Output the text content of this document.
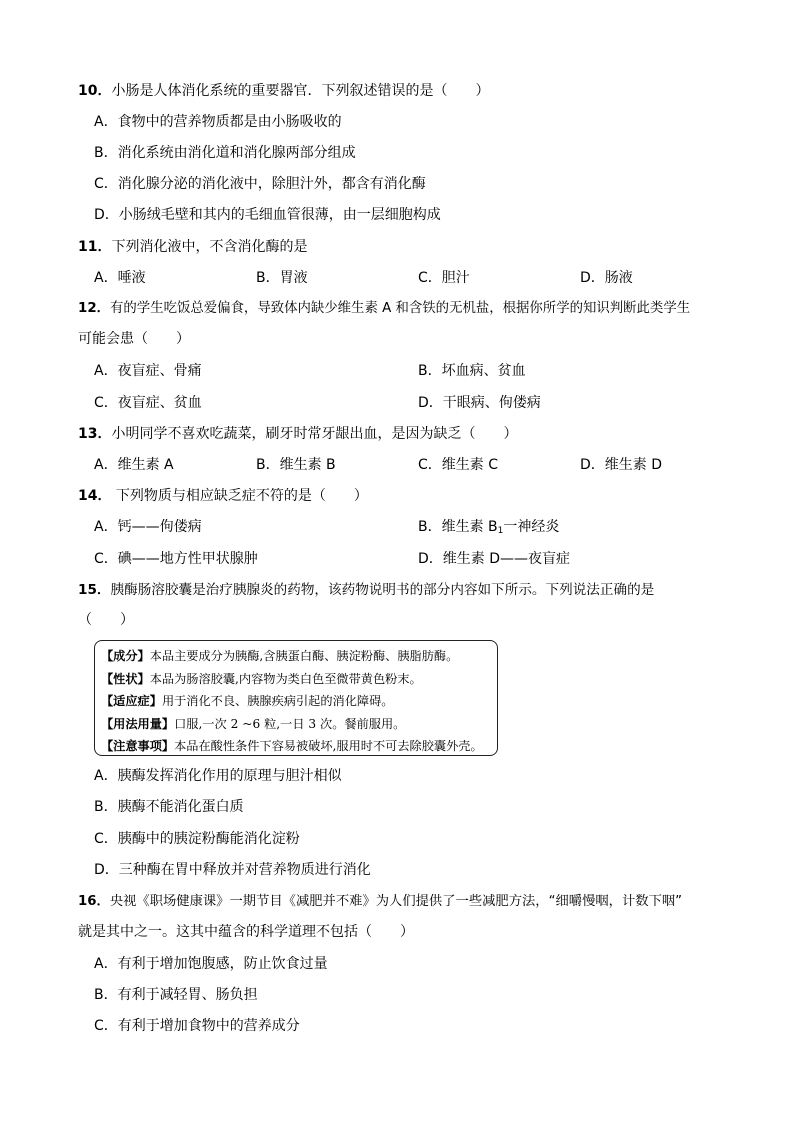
10．小肠是人体消化系统的重要器官．下列叙述错误的是（　　）
A．食物中的营养物质都是由小肠吸收的
B．消化系统由消化道和消化腺两部分组成
C．消化腺分泌的消化液中，除胆汁外，都含有消化酶
D．小肠绒毛壁和其内的毛细血管很薄，由一层细胞构成
11．下列消化液中，不含消化酶的是
A．唾液	B．胃液	C．胆汁	D．肠液
12．有的学生吃饭总爱偏食，导致体内缺少维生素 A 和含铁的无机盐，根据你所学的知识判断此类学生
可能会患（　　）
A．夜盲症、骨痛	B．坏血病、贫血
C．夜盲症、贫血	D．干眼病、佝偻病
13．小明同学不喜欢吃蔬菜，刷牙时常牙龈出血，是因为缺乏（　　）
A．维生素 A	B．维生素 B	C．维生素 C	D．维生素 D
14． 下列物质与相应缺乏症不符的是（　　）
A．钙——佝偻病	B．维生素 $B_1$一神经炎
C．碘——地方性甲状腺肿	D．维生素 D——夜盲症
15．胰酶肠溶胶囊是治疗胰腺炎的药物，该药物说明书的部分内容如下所示。下列说法正确的是
（　　）
【成分】本品主要成分为胰酶,含胰蛋白酶、胰淀粉酶、胰脂肪酶。
【性状】本品为肠溶胶囊,内容物为类白色至微带黄色粉末。
【适应症】用于消化不良、胰腺疾病引起的消化障碍。
【用法用量】口服,一次 2 ~6 粒,一日 3 次。餐前服用。
【注意事项】本品在酸性条件下容易被破坏,服用时不可去除胶囊外壳。
A．胰酶发挥消化作用的原理与胆汁相似
B．胰酶不能消化蛋白质
C．胰酶中的胰淀粉酶能消化淀粉
D．三种酶在胃中释放并对营养物质进行消化
16．央视《职场健康课》一期节目《减肥并不难》为人们提供了一些减肥方法，“细嚼慢咽，计数下咽”
就是其中之一。这其中蕴含的科学道理不包括（　　）
A．有利于增加饱腹感，防止饮食过量
B．有利于减轻胃、肠负担
C．有利于增加食物中的营养成分
